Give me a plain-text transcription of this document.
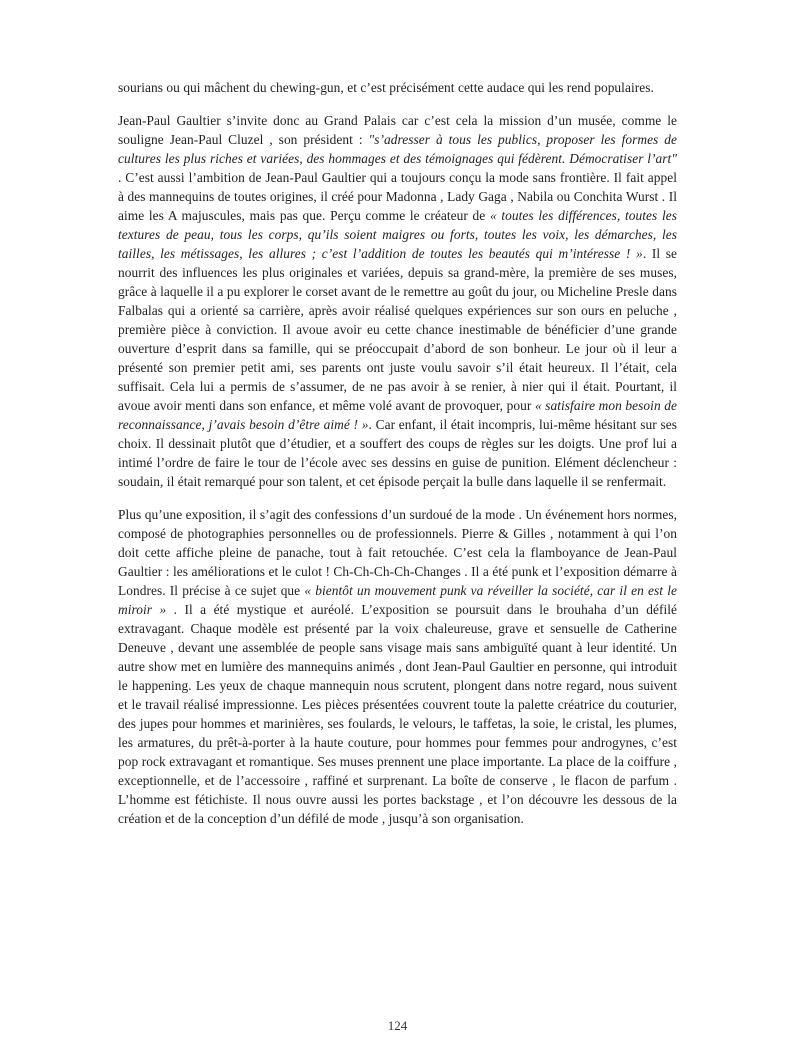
sourians ou qui mâchent du chewing-gun, et c’est précisément cette audace qui les rend populaires.

Jean-Paul Gaultier s’invite donc au Grand Palais car c’est cela la mission d’un musée, comme le souligne Jean-Paul Cluzel , son président : "s’adresser à tous les publics, proposer les formes de cultures les plus riches et variées, des hommages et des témoignages qui fédèrent. Démocratiser l’art" . C’est aussi l’ambition de Jean-Paul Gaultier qui a toujours conçu la mode sans frontière. Il fait appel à des mannequins de toutes origines, il créé pour Madonna , Lady Gaga , Nabila ou Conchita Wurst . Il aime les A majuscules, mais pas que. Perçu comme le créateur de « toutes les différences, toutes les textures de peau, tous les corps, qu’ils soient maigres ou forts, toutes les voix, les démarches, les tailles, les métissages, les allures ; c’est l’addition de toutes les beautés qui m’intéresse ! ». Il se nourrit des influences les plus originales et variées, depuis sa grand-mère, la première de ses muses, grâce à laquelle il a pu explorer le corset avant de le remettre au goût du jour, ou Micheline Presle dans Falbalas qui a orienté sa carrière, après avoir réalisé quelques expériences sur son ours en peluche , première pièce à conviction. Il avoue avoir eu cette chance inestimable de bénéficier d’une grande ouverture d’esprit dans sa famille, qui se préoccupait d’abord de son bonheur. Le jour où il leur a présenté son premier petit ami, ses parents ont juste voulu savoir s’il était heureux. Il l’était, cela suffisait. Cela lui a permis de s’assumer, de ne pas avoir à se renier, à nier qui il était. Pourtant, il avoue avoir menti dans son enfance, et même volé avant de provoquer, pour « satisfaire mon besoin de reconnaissance, j’avais besoin d’être aimé ! ». Car enfant, il était incompris, lui-même hésitant sur ses choix. Il dessinait plutôt que d’étudier, et a souffert des coups de règles sur les doigts. Une prof lui a intimé l’ordre de faire le tour de l’école avec ses dessins en guise de punition. Elément déclencheur : soudain, il était remarqué pour son talent, et cet épisode perçait la bulle dans laquelle il se renfermait.

Plus qu’une exposition, il s’agit des confessions d’un surdoué de la mode . Un événement hors normes, composé de photographies personnelles ou de professionnels. Pierre & Gilles , notamment à qui l’on doit cette affiche pleine de panache, tout à fait retouchée. C’est cela la flamboyance de Jean-Paul Gaultier : les améliorations et le culot ! Ch-Ch-Ch-Ch-Changes . Il a été punk et l’exposition démarre à Londres. Il précise à ce sujet que « bientôt un mouvement punk va réveiller la société, car il en est le miroir » . Il a été mystique et auréolé. L’exposition se poursuit dans le brouhaha d’un défilé extravagant. Chaque modèle est présenté par la voix chaleureuse, grave et sensuelle de Catherine Deneuve , devant une assemblée de people sans visage mais sans ambiguïté quant à leur identité. Un autre show met en lumière des mannequins animés , dont Jean-Paul Gaultier en personne, qui introduit le happening. Les yeux de chaque mannequin nous scrutent, plongent dans notre regard, nous suivent et le travail réalisé impressionne. Les pièces présentées couvrent toute la palette créatrice du couturier, des jupes pour hommes et marinières, ses foulards, le velours, le taffetas, la soie, le cristal, les plumes, les armatures, du prêt-à-porter à la haute couture, pour hommes pour femmes pour androgynes, c’est pop rock extravagant et romantique. Ses muses prennent une place importante. La place de la coiffure , exceptionnelle, et de l’accessoire , raffiné et surprenant. La boîte de conserve , le flacon de parfum . L’homme est fétichiste. Il nous ouvre aussi les portes backstage , et l’on découvre les dessous de la création et de la conception d’un défilé de mode , jusqu’à son organisation.

124
